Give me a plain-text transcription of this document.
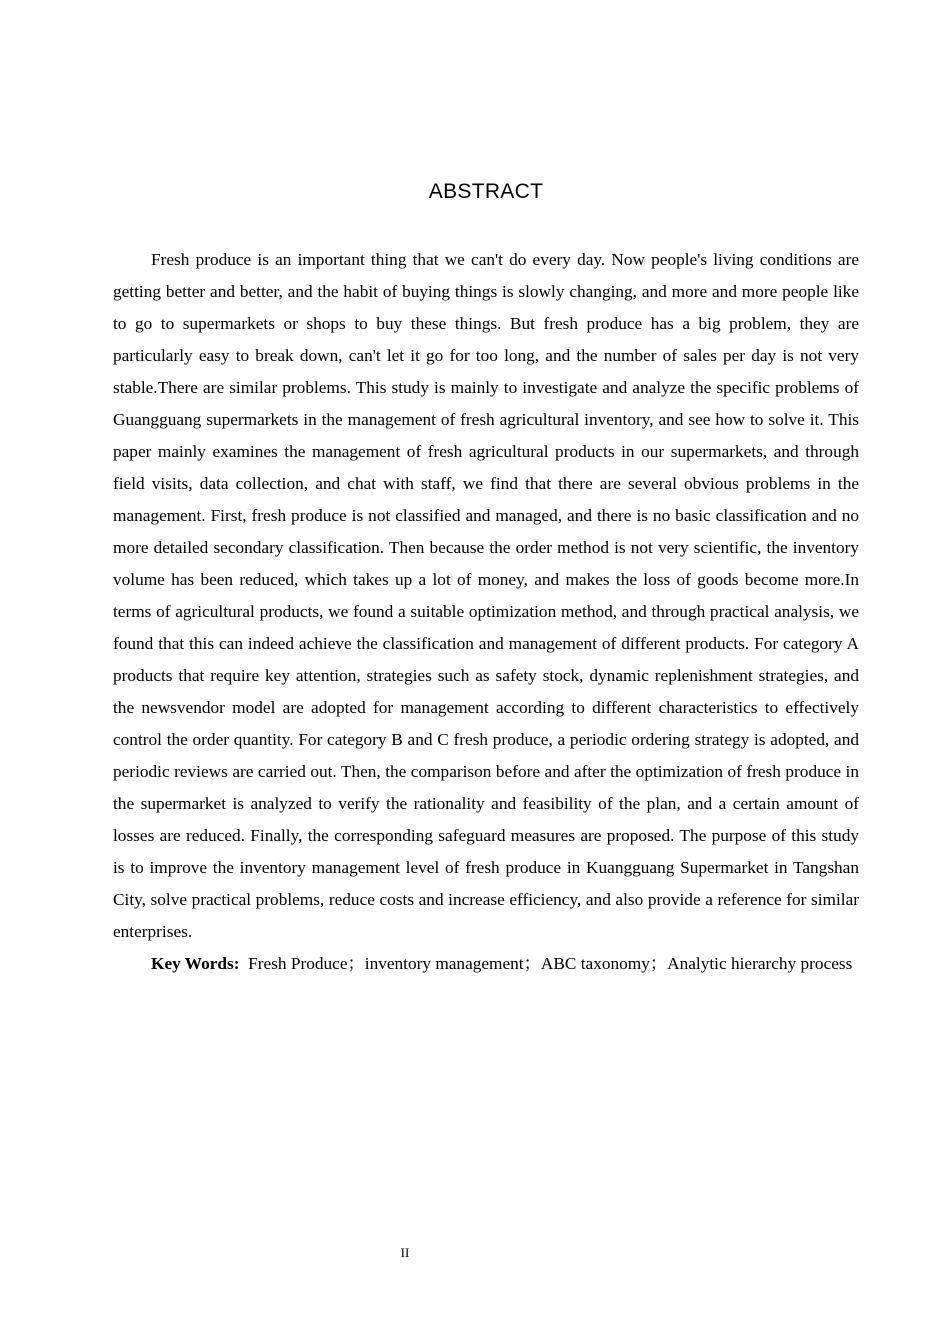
ABSTRACT

Fresh produce is an important thing that we can't do every day. Now people's living conditions are getting better and better, and the habit of buying things is slowly changing, and more and more people like to go to supermarkets or shops to buy these things. But fresh produce has a big problem, they are particularly easy to break down, can't let it go for too long, and the number of sales per day is not very stable.There are similar problems. This study is mainly to investigate and analyze the specific problems of Guangguang supermarkets in the management of fresh agricultural inventory, and see how to solve it. This paper mainly examines the management of fresh agricultural products in our supermarkets, and through field visits, data collection, and chat with staff, we find that there are several obvious problems in the management. First, fresh produce is not classified and managed, and there is no basic classification and no more detailed secondary classification. Then because the order method is not very scientific, the inventory volume has been reduced, which takes up a lot of money, and makes the loss of goods become more.In terms of agricultural products, we found a suitable optimization method, and through practical analysis, we found that this can indeed achieve the classification and management of different products. For category A products that require key attention, strategies such as safety stock, dynamic replenishment strategies, and the newsvendor model are adopted for management according to different characteristics to effectively control the order quantity. For category B and C fresh produce, a periodic ordering strategy is adopted, and periodic reviews are carried out. Then, the comparison before and after the optimization of fresh produce in the supermarket is analyzed to verify the rationality and feasibility of the plan, and a certain amount of losses are reduced. Finally, the corresponding safeguard measures are proposed. The purpose of this study is to improve the inventory management level of fresh produce in Kuangguang Supermarket in Tangshan City, solve practical problems, reduce costs and increase efficiency, and also provide a reference for similar enterprises.

Key Words: Fresh Produce；inventory management；ABC taxonomy；Analytic hierarchy process

II
